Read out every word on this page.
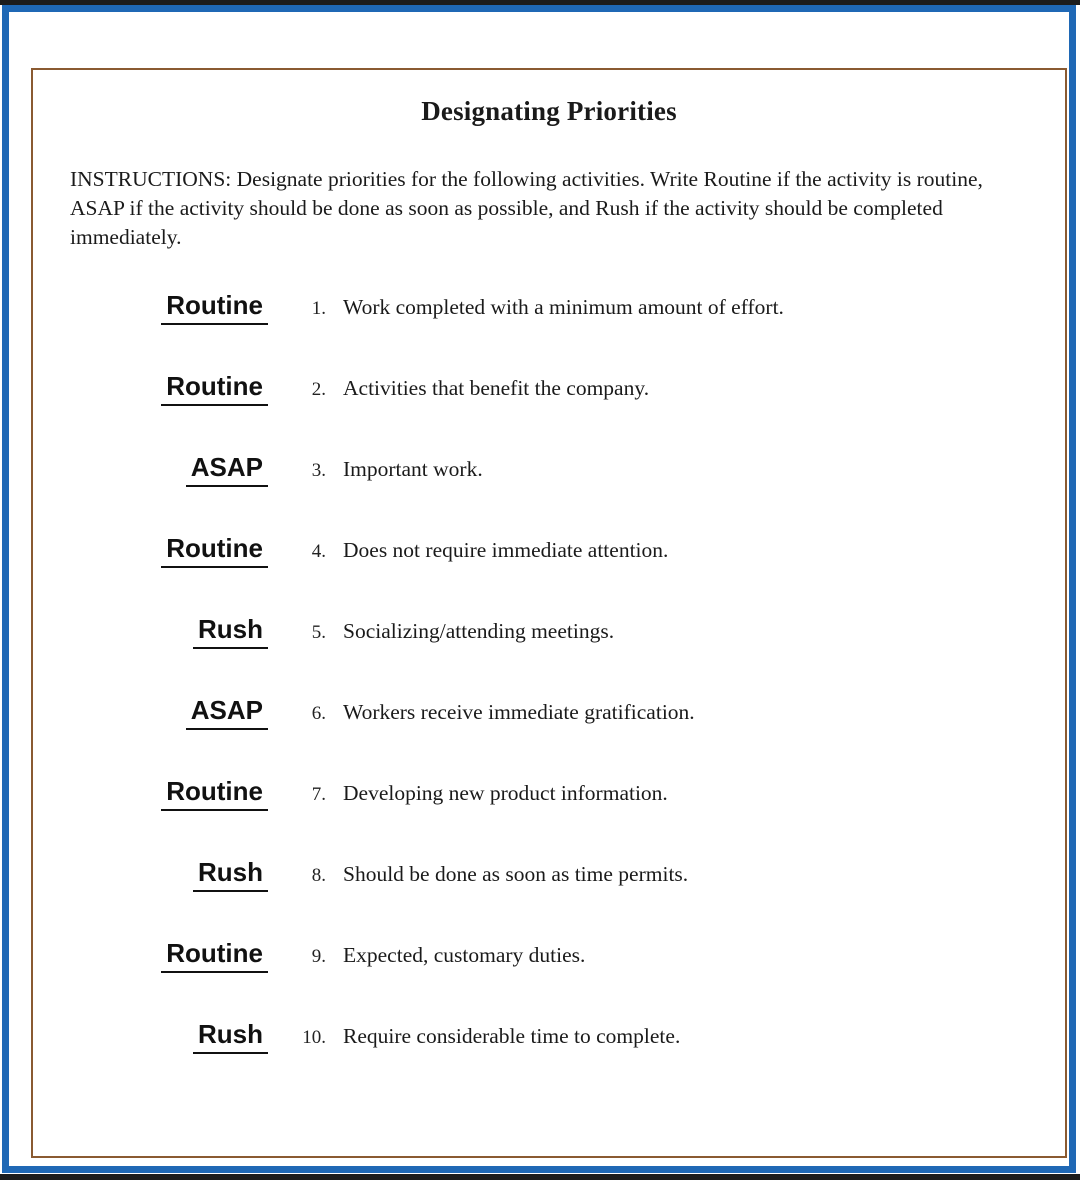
Designating Priorities
INSTRUCTIONS: Designate priorities for the following activities. Write Routine if the activity is routine, ASAP if the activity should be done as soon as possible, and Rush if the activity should be completed immediately.
Routine	1. Work completed with a minimum amount of effort.
Routine	2. Activities that benefit the company.
ASAP	3. Important work.
Routine	4. Does not require immediate attention.
Rush	5. Socializing/attending meetings.
ASAP	6. Workers receive immediate gratification.
Routine	7. Developing new product information.
Rush	8. Should be done as soon as time permits.
Routine	9. Expected, customary duties.
Rush	10. Require considerable time to complete.
